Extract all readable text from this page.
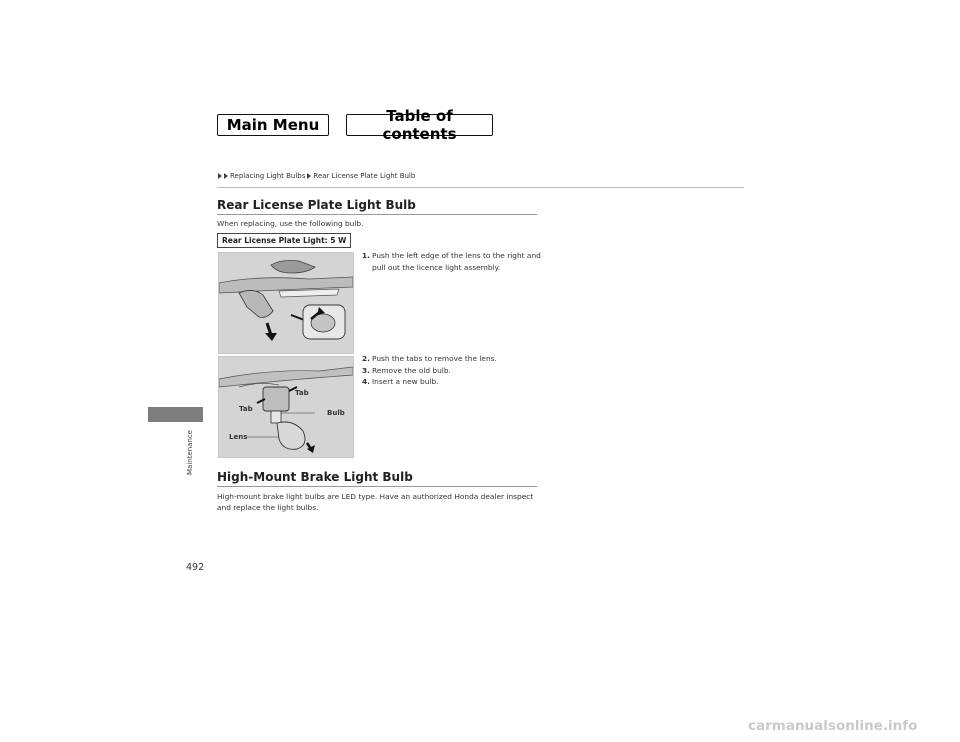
Main Menu	Table of contents
Replacing Light Bulbs Rear License Plate Light Bulb
Rear License Plate Light Bulb
When replacing, use the following bulb.
Rear License Plate Light: 5 W
1. Push the left edge of the lens to the right and pull out the licence light assembly.
Tab
Tab	Bulb
Lens
2. Push the tabs to remove the lens.
3. Remove the old bulb.
4. Insert a new bulb.
High-Mount Brake Light Bulb
High-mount brake light bulbs are LED type. Have an authorized Honda dealer inspect and replace the light bulbs.
Maintenance
492
carmanualsonline.info
